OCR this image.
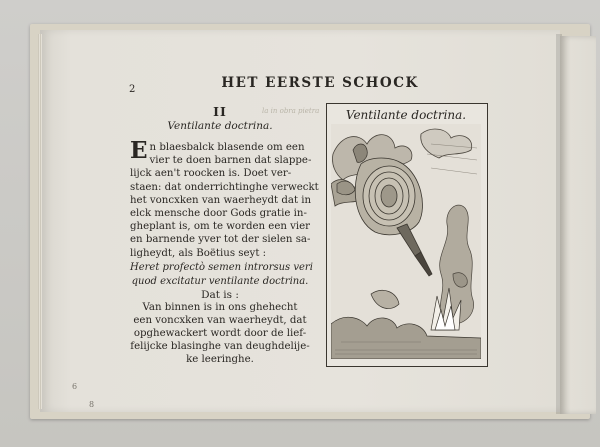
2	HET EERSTE SCHOCK
la in obra pietra
II
Ventilante doctrina.
E n blaesbalck blasende om een
vier te doen barnen dat slappe-
lijck aen't roocken is. Doet ver-
staen: dat onderrichtinghe verweckt
het voncxken van waerheydt dat in
elck mensche door Gods gratie in-
gheplant is, om te worden een vier
en barnende yver tot der sielen sa-
ligheydt, als Boëtius seyt :
Heret profectò semen introrsus veri
quod excitatur ventilante doctrina.
Dat is :
Van binnen is in ons ghehecht
een voncxken van waerheydt, dat
opghewackert wordt door de lief-
felijcke blasinghe van deughdelije-
ke leeringhe.
Ventilante doctrina.
6
8
